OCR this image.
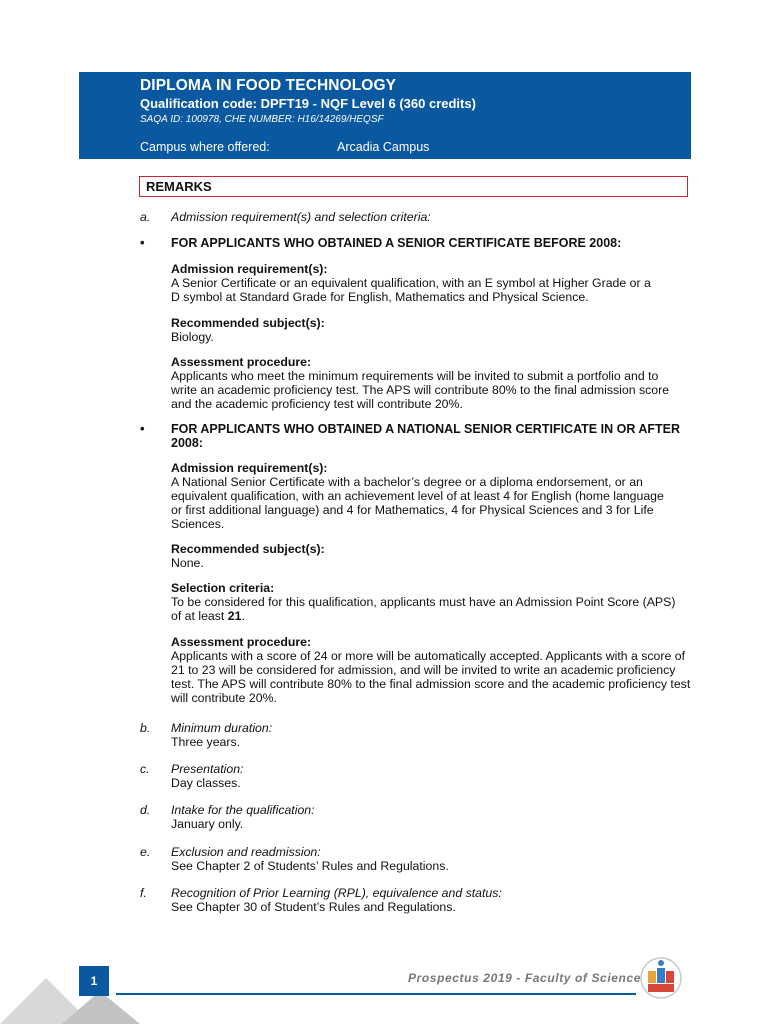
DIPLOMA IN FOOD TECHNOLOGY
Qualification code: DPFT19 - NQF Level 6 (360 credits)
SAQA ID: 100978, CHE NUMBER: H16/14269/HEQSF
Campus where offered:	Arcadia Campus
REMARKS
a. Admission requirement(s) and selection criteria:
• FOR APPLICANTS WHO OBTAINED A SENIOR CERTIFICATE BEFORE 2008:
Admission requirement(s):
A Senior Certificate or an equivalent qualification, with an E symbol at Higher Grade or a
D symbol at Standard Grade for English, Mathematics and Physical Science.
Recommended subject(s):
Biology.
Assessment procedure:
Applicants who meet the minimum requirements will be invited to submit a portfolio and to
write an academic proficiency test. The APS will contribute 80% to the final admission score
and the academic proficiency test will contribute 20%.
• FOR APPLICANTS WHO OBTAINED A NATIONAL SENIOR CERTIFICATE IN OR AFTER
2008:
Admission requirement(s):
A National Senior Certificate with a bachelor’s degree or a diploma endorsement, or an
equivalent qualification, with an achievement level of at least 4 for English (home language
or first additional language) and 4 for Mathematics, 4 for Physical Sciences and 3 for Life
Sciences.
Recommended subject(s):
None.
Selection criteria:
To be considered for this qualification, applicants must have an Admission Point Score (APS)
of at least 21.
Assessment procedure:
Applicants with a score of 24 or more will be automatically accepted. Applicants with a score of
21 to 23 will be considered for admission, and will be invited to write an academic proficiency
test. The APS will contribute 80% to the final admission score and the academic proficiency test
will contribute 20%.
b. Minimum duration:
Three years.
c. Presentation:
Day classes.
d. Intake for the qualification:
January only.
e. Exclusion and readmission:
See Chapter 2 of Students’ Rules and Regulations.
f. Recognition of Prior Learning (RPL), equivalence and status:
See Chapter 30 of Student’s Rules and Regulations.
1	Prospectus 2019 - Faculty of Science
